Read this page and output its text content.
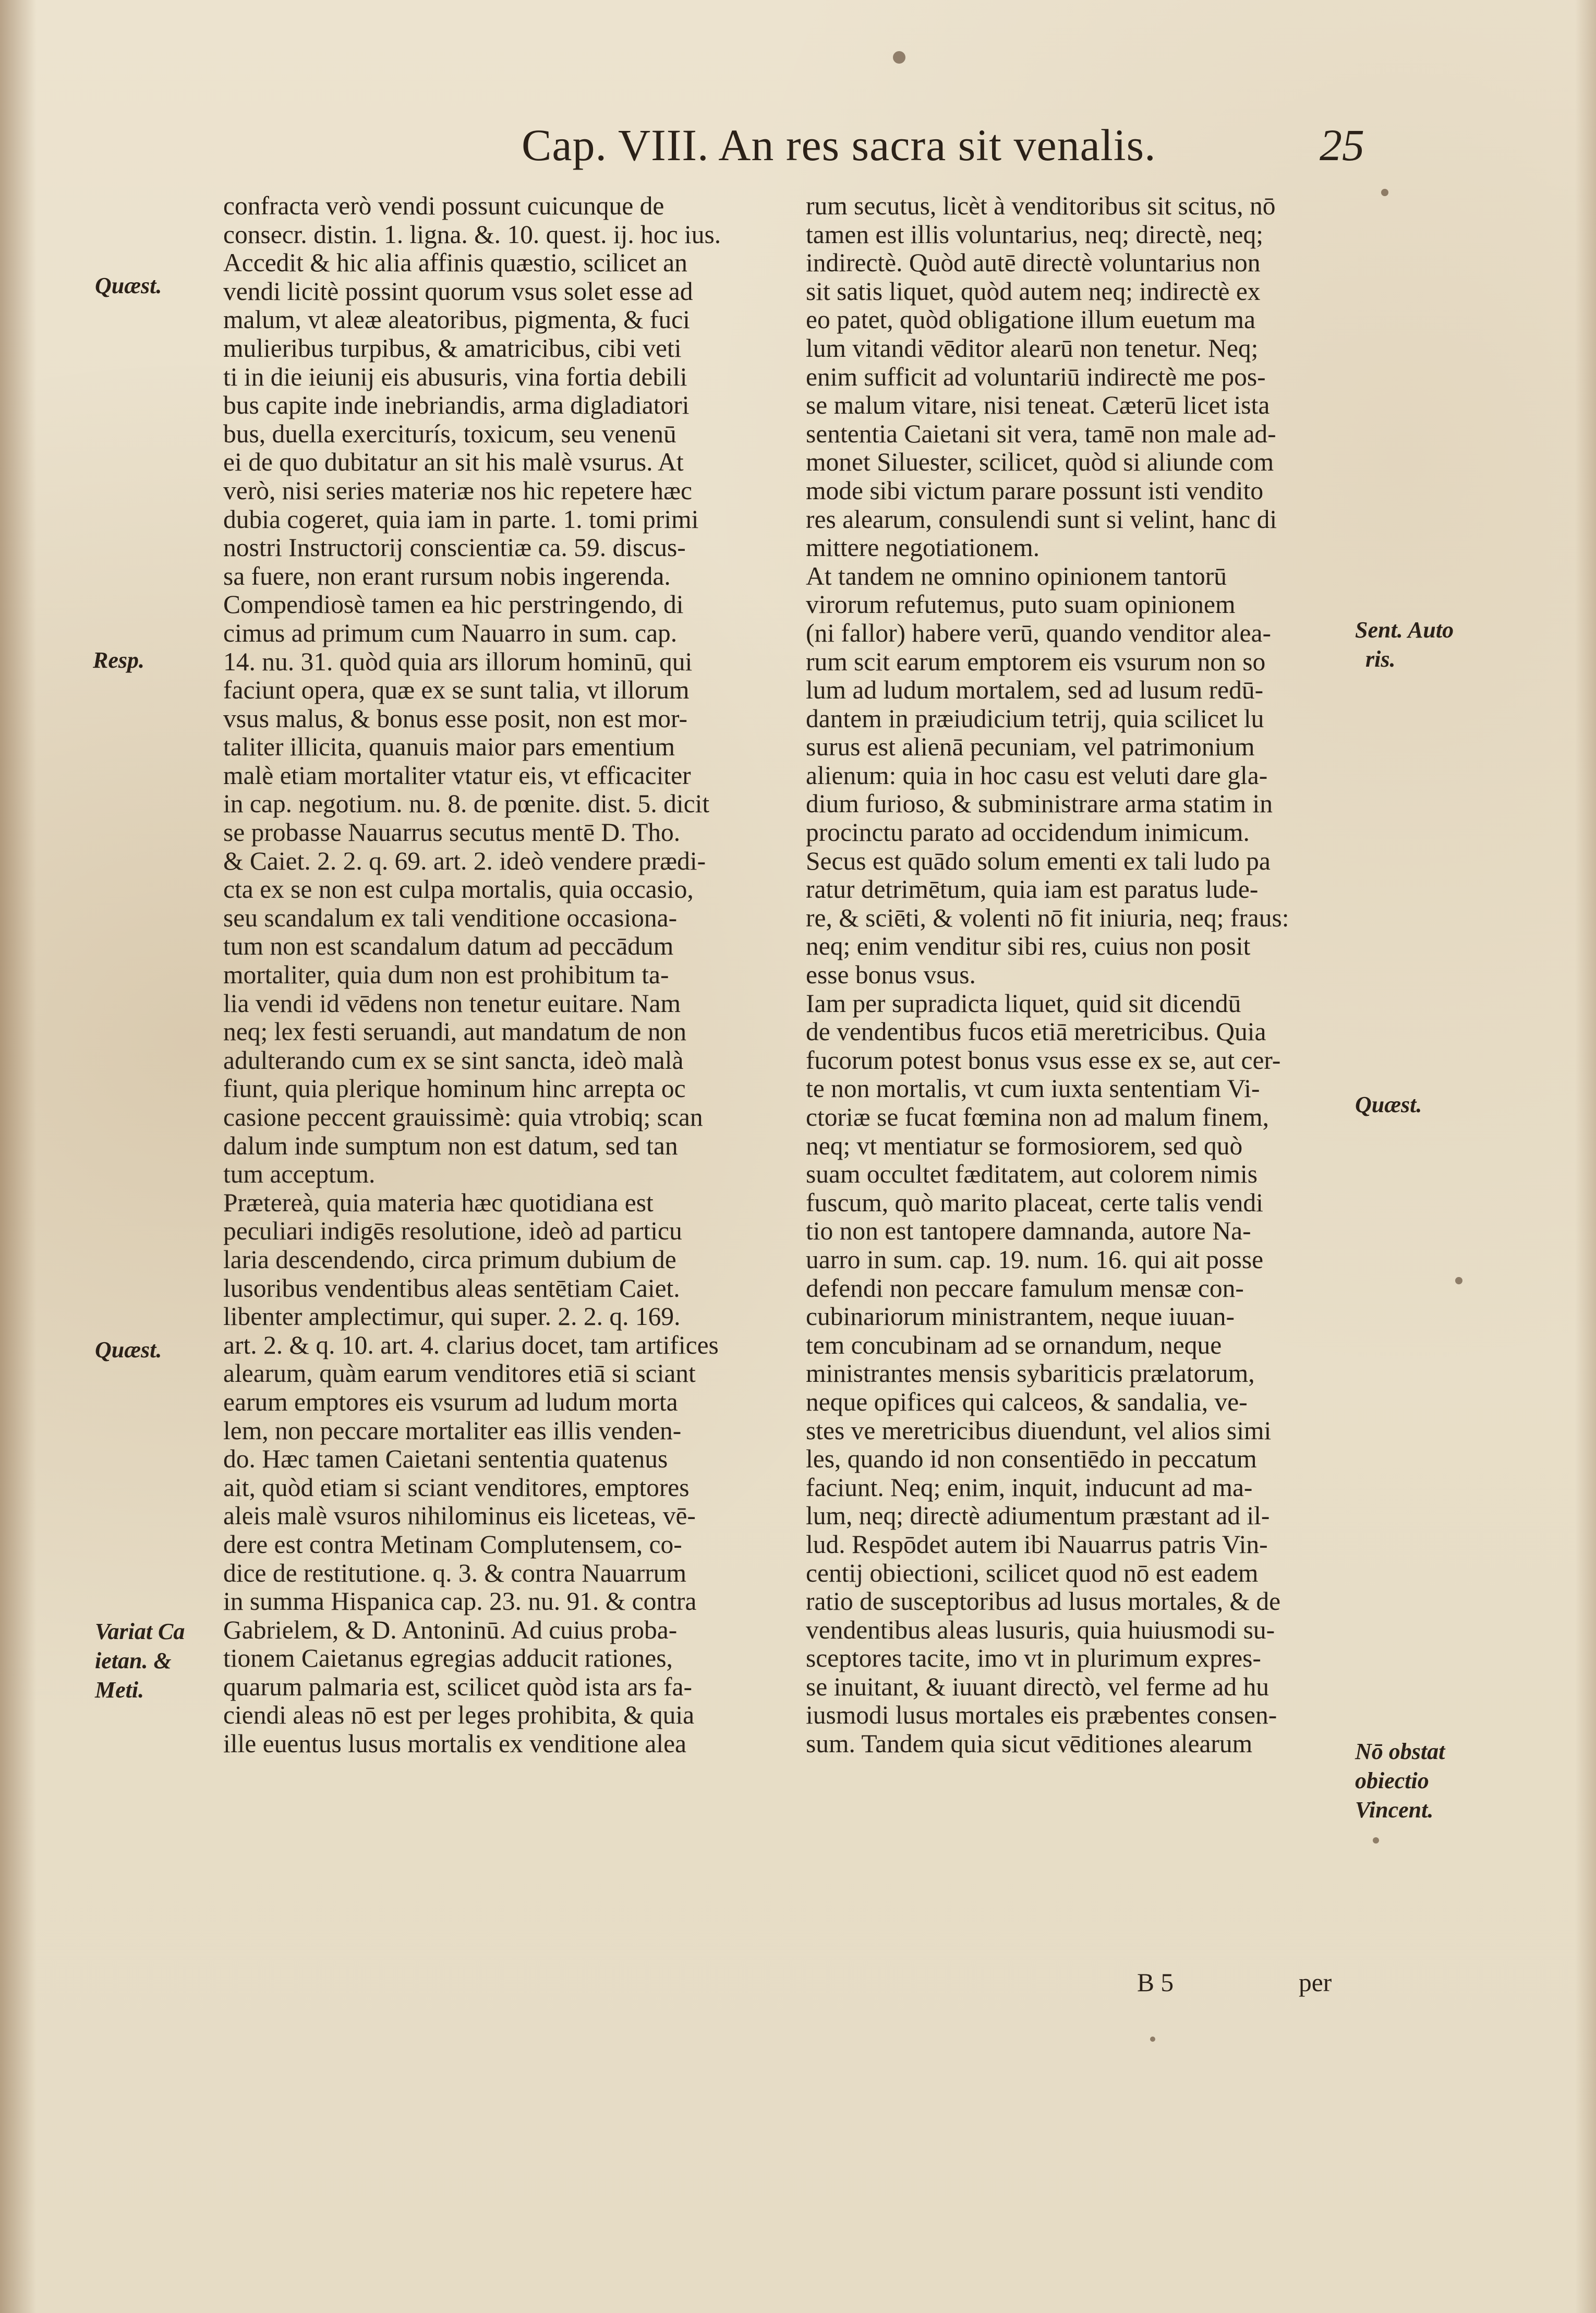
Cap. VIII. An res sacra sit venalis.	25
confracta verò vendi possunt cuicunque de
consecr. distin. 1. ligna. &. 10. quest. ij. hoc ius.
Accedit & hic alia affinis quæstio, scilicet an
vendi licitè possint quorum vsus solet esse ad
malum, vt aleæ aleatoribus, pigmenta, & fuci
mulieribus turpibus, & amatricibus, cibi veti
ti in die ieiunij eis abusuris, vina fortia debili
bus capite inde inebriandis, arma digladiatori
bus, duella exerciturís, toxicum, seu venenū
ei de quo dubitatur an sit his malè vsurus. At
verò, nisi series materiæ nos hic repetere hæc
dubia cogeret, quia iam in parte. 1. tomi primi
nostri Instructorij conscientiæ ca. 59. discus-
sa fuere, non erant rursum nobis ingerenda.
Compendiosè tamen ea hic perstringendo, di
cimus ad primum cum Nauarro in sum. cap.
14. nu. 31. quòd quia ars illorum hominū, qui
faciunt opera, quæ ex se sunt talia, vt illorum
vsus malus, & bonus esse posit, non est mor-
taliter illicita, quanuis maior pars ementium
malè etiam mortaliter vtatur eis, vt efficaciter
in cap. negotium. nu. 8. de pœnite. dist. 5. dicit
se probasse Nauarrus secutus mentē D. Tho.
& Caiet. 2. 2. q. 69. art. 2. ideò vendere prædi-
cta ex se non est culpa mortalis, quia occasio,
seu scandalum ex tali venditione occasiona-
tum non est scandalum datum ad peccādum
mortaliter, quia dum non est prohibitum ta-
lia vendi id vēdens non tenetur euitare. Nam
neq; lex festi seruandi, aut mandatum de non
adulterando cum ex se sint sancta, ideò malà
fiunt, quia plerique hominum hinc arrepta oc
casione peccent grauissimè: quia vtrobiq; scan
dalum inde sumptum non est datum, sed tan
tum acceptum.
Prætereà, quia materia hæc quotidiana est
peculiari indigēs resolutione, ideò ad particu
laria descendendo, circa primum dubium de
lusoribus vendentibus aleas sentētiam Caiet.
libenter amplectimur, qui super. 2. 2. q. 169.
art. 2. & q. 10. art. 4. clarius docet, tam artifices
alearum, quàm earum venditores etiā si sciant
earum emptores eis vsurum ad ludum morta
lem, non peccare mortaliter eas illis venden-
do. Hæc tamen Caietani sententia quatenus
ait, quòd etiam si sciant venditores, emptores
aleis malè vsuros nihilominus eis liceteas, vē-
dere est contra Metinam Complutensem, co-
dice de restitutione. q. 3. & contra Nauarrum
in summa Hispanica cap. 23. nu. 91. & contra
Gabrielem, & D. Antoninū. Ad cuius proba-
tionem Caietanus egregias adducit rationes,
quarum palmaria est, scilicet quòd ista ars fa-
ciendi aleas nō est per leges prohibita, & quia
ille euentus lusus mortalis ex venditione alea
rum secutus, licèt à venditoribus sit scitus, nō
tamen est illis voluntarius, neq; directè, neq;
indirectè. Quòd autē directè voluntarius non
sit satis liquet, quòd autem neq; indirectè ex
eo patet, quòd obligatione illum euetum ma
lum vitandi vēditor alearū non tenetur. Neq;
enim sufficit ad voluntariū indirectè me pos-
se malum vitare, nisi teneat. Cæterū licet ista
sententia Caietani sit vera, tamē non male ad-
monet Siluester, scilicet, quòd si aliunde com
mode sibi victum parare possunt isti vendito
res alearum, consulendi sunt si velint, hanc di
mittere negotiationem.
At tandem ne omnino opinionem tantorū
virorum refutemus, puto suam opinionem
(ni fallor) habere verū, quando venditor alea-
rum scit earum emptorem eis vsurum non so
lum ad ludum mortalem, sed ad lusum redū-
dantem in præiudicium tetrij, quia scilicet lu
surus est alienā pecuniam, vel patrimonium
alienum: quia in hoc casu est veluti dare gla-
dium furioso, & subministrare arma statim in
procinctu parato ad occidendum inimicum.
Secus est quādo solum ementi ex tali ludo pa
ratur detrimētum, quia iam est paratus lude-
re, & sciēti, & volenti nō fit iniuria, neq; fraus:
neq; enim venditur sibi res, cuius non posit
esse bonus vsus.
Iam per supradicta liquet, quid sit dicendū
de vendentibus fucos etiā meretricibus. Quia
fucorum potest bonus vsus esse ex se, aut cer-
te non mortalis, vt cum iuxta sententiam Vi-
ctoriæ se fucat fœmina non ad malum finem,
neq; vt mentiatur se formosiorem, sed quò
suam occultet fæditatem, aut colorem nimis
fuscum, quò marito placeat, certe talis vendi
tio non est tantopere damnanda, autore Na-
uarro in sum. cap. 19. num. 16. qui ait posse
defendi non peccare famulum mensæ con-
cubinariorum ministrantem, neque iuuan-
tem concubinam ad se ornandum, neque
ministrantes mensis sybariticis prælatorum,
neque opifices qui calceos, & sandalia, ve-
stes ve meretricibus diuendunt, vel alios simi
les, quando id non consentiēdo in peccatum
faciunt. Neq; enim, inquit, inducunt ad ma-
lum, neq; directè adiumentum præstant ad il-
lud. Respōdet autem ibi Nauarrus patris Vin-
centij obiectioni, scilicet quod nō est eadem
ratio de susceptoribus ad lusus mortales, & de
vendentibus aleas lusuris, quia huiusmodi su-
sceptores tacite, imo vt in plurimum expres-
se inuitant, & iuuant directò, vel ferme ad hu
iusmodi lusus mortales eis præbentes consen-
sum. Tandem quia sicut vēditiones alearum
Quæst.
Resp.
Quæst.
Variat Ca
ietan. &
Meti.
Sent. Auto
ris.
Quæst.
Nō obstat
obiectio
Vincent.
B 5	per
